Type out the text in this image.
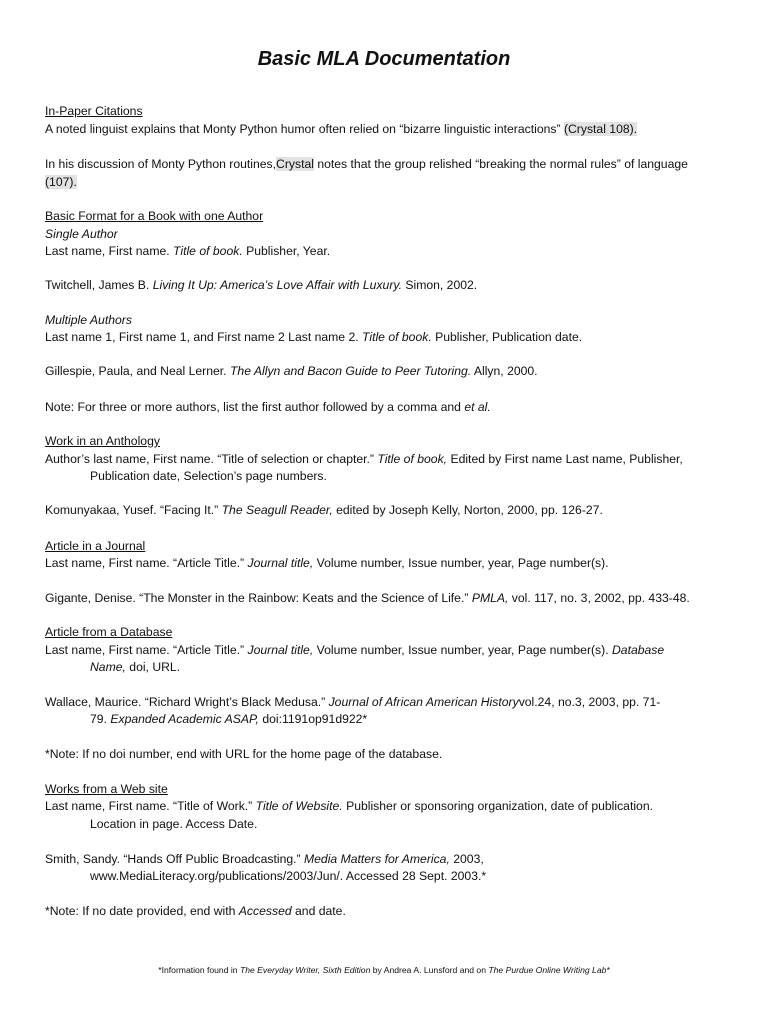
Basic MLA Documentation
In-Paper Citations
A noted linguist explains that Monty Python humor often relied on “bizarre linguistic interactions” (Crystal 108).
In his discussion of Monty Python routines,Crystal notes that the group relished “breaking the normal rules” of language
(107).
Basic Format for a Book with one Author
Single Author
Last name, First name. Title of book. Publisher, Year.
Twitchell, James B. Living It Up: America’s Love Affair with Luxury. Simon, 2002.
Multiple Authors
Last name 1, First name 1, and First name 2 Last name 2. Title of book. Publisher, Publication date.
Gillespie, Paula, and Neal Lerner. The Allyn and Bacon Guide to Peer Tutoring. Allyn, 2000.
Note: For three or more authors, list the first author followed by a comma and et al.
Work in an Anthology
Author’s last name, First name. “Title of selection or chapter.” Title of book, Edited by First name Last name, Publisher,
Publication date, Selection’s page numbers.
Komunyakaa, Yusef. “Facing It.” The Seagull Reader, edited by Joseph Kelly, Norton, 2000, pp. 126-27.
Article in a Journal
Last name, First name. “Article Title.” Journal title, Volume number, Issue number, year, Page number(s).
Gigante, Denise. “The Monster in the Rainbow: Keats and the Science of Life.” PMLA, vol. 117, no. 3, 2002, pp. 433-48.
Article from a Database
Last name, First name. “Article Title.” Journal title, Volume number, Issue number, year, Page number(s). Database
Name, doi, URL.
Wallace, Maurice. “Richard Wright’s Black Medusa.” Journal of African American Historyvol.24, no.3, 2003, pp. 71-
79. Expanded Academic ASAP, doi:1191op91d922*
*Note: If no doi number, end with URL for the home page of the database.
Works from a Web site
Last name, First name. “Title of Work.” Title of Website. Publisher or sponsoring organization, date of publication.
Location in page. Access Date.
Smith, Sandy. “Hands Off Public Broadcasting.” Media Matters for America, 2003,
www.MediaLiteracy.org/publications/2003/Jun/. Accessed 28 Sept. 2003.*
*Note: If no date provided, end with Accessed and date.
*Information found in The Everyday Writer, Sixth Edition by Andrea A. Lunsford and on The Purdue Online Writing Lab*
